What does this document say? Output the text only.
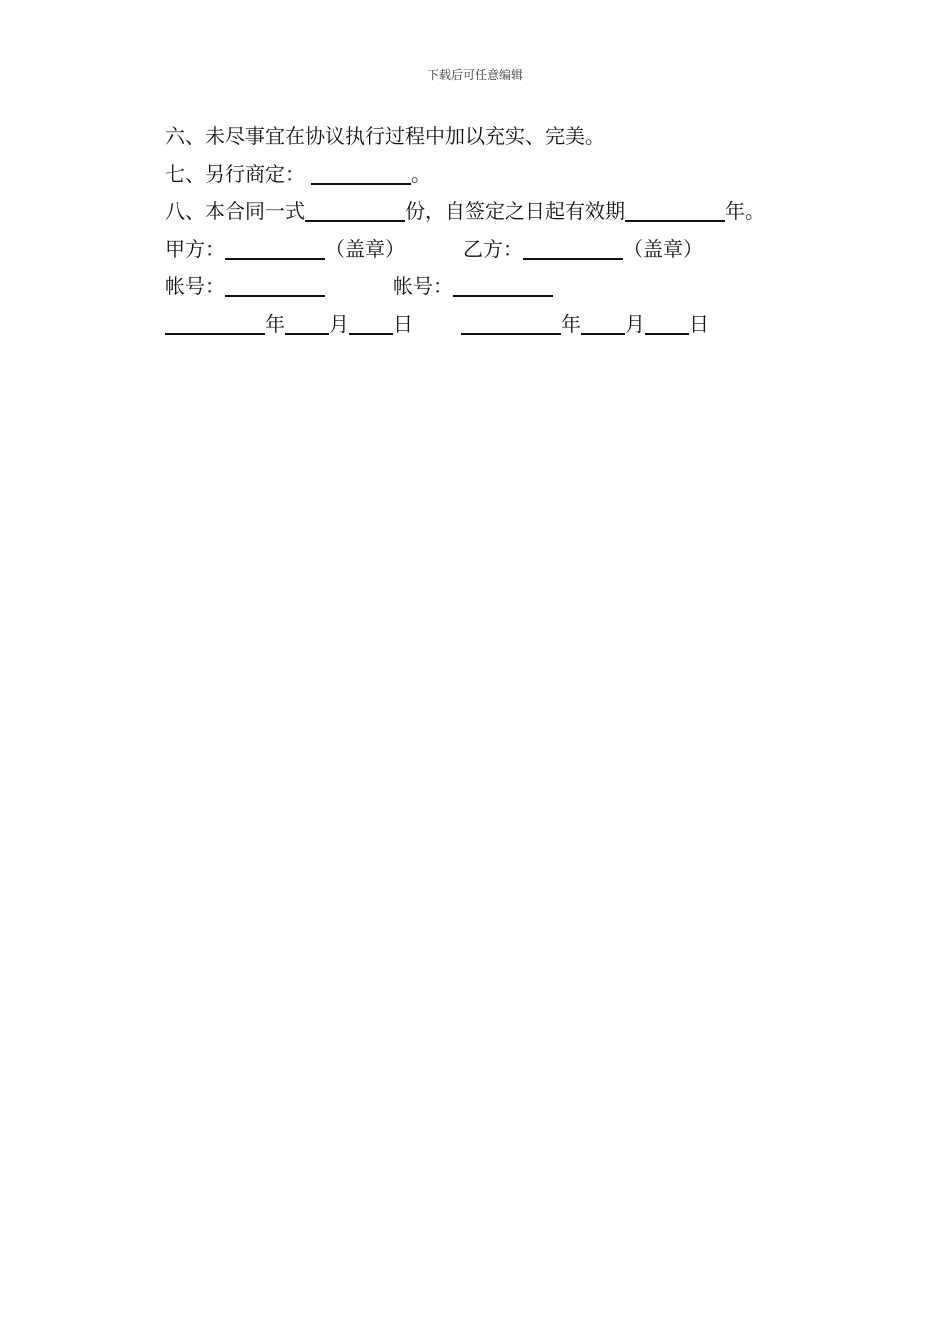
下载后可任意编辑
六、未尽事宜在协议执行过程中加以充实、完美。
七、另行商定：	。
八、本合同一式	份，自签定之日起有效期	年。
甲方：	（盖章）	乙方：	（盖章）
帐号：	帐号：
年 月 日	年 月 日
